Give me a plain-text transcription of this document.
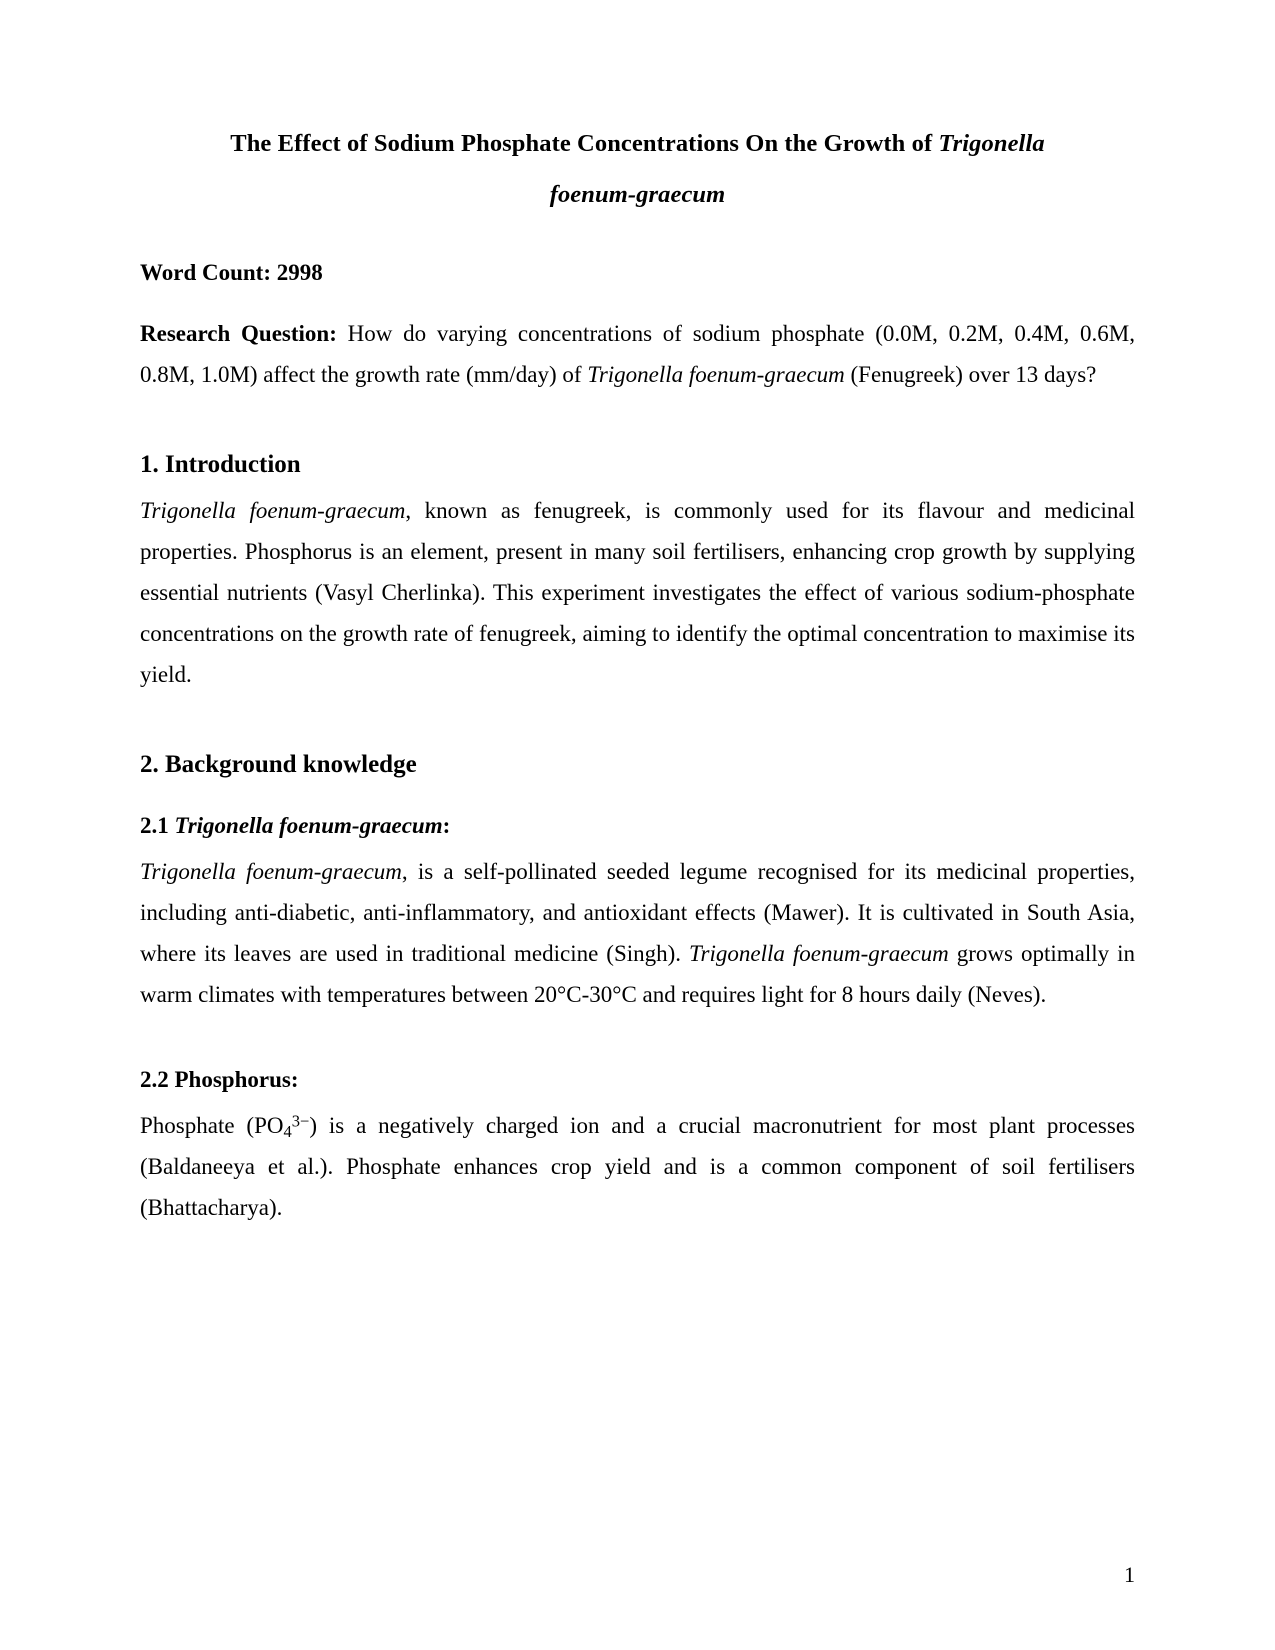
The Effect of Sodium Phosphate Concentrations On the Growth of Trigonella
foenum-graecum

Word Count: 2998

Research Question: How do varying concentrations of sodium phosphate (0.0M, 0.2M, 0.4M, 0.6M, 0.8M, 1.0M) affect the growth rate (mm/day) of Trigonella foenum-graecum (Fenugreek) over 13 days?

1. Introduction

Trigonella foenum-graecum, known as fenugreek, is commonly used for its flavour and medicinal properties. Phosphorus is an element, present in many soil fertilisers, enhancing crop growth by supplying essential nutrients (Vasyl Cherlinka). This experiment investigates the effect of various sodium-phosphate concentrations on the growth rate of fenugreek, aiming to identify the optimal concentration to maximise its yield.

2. Background knowledge
2.1 Trigonella foenum-graecum:

Trigonella foenum-graecum, is a self-pollinated seeded legume recognised for its medicinal properties, including anti-diabetic, anti-inflammatory, and antioxidant effects (Mawer). It is cultivated in South Asia, where its leaves are used in traditional medicine (Singh). Trigonella foenum-graecum grows optimally in warm climates with temperatures between 20°C-30°C and requires light for 8 hours daily (Neves).

2.2 Phosphorus:

Phosphate $(PO_4^{3-})$ is a negatively charged ion and a crucial macronutrient for most plant processes (Baldaneeya et al.). Phosphate enhances crop yield and is a common component of soil fertilisers (Bhattacharya).

1
